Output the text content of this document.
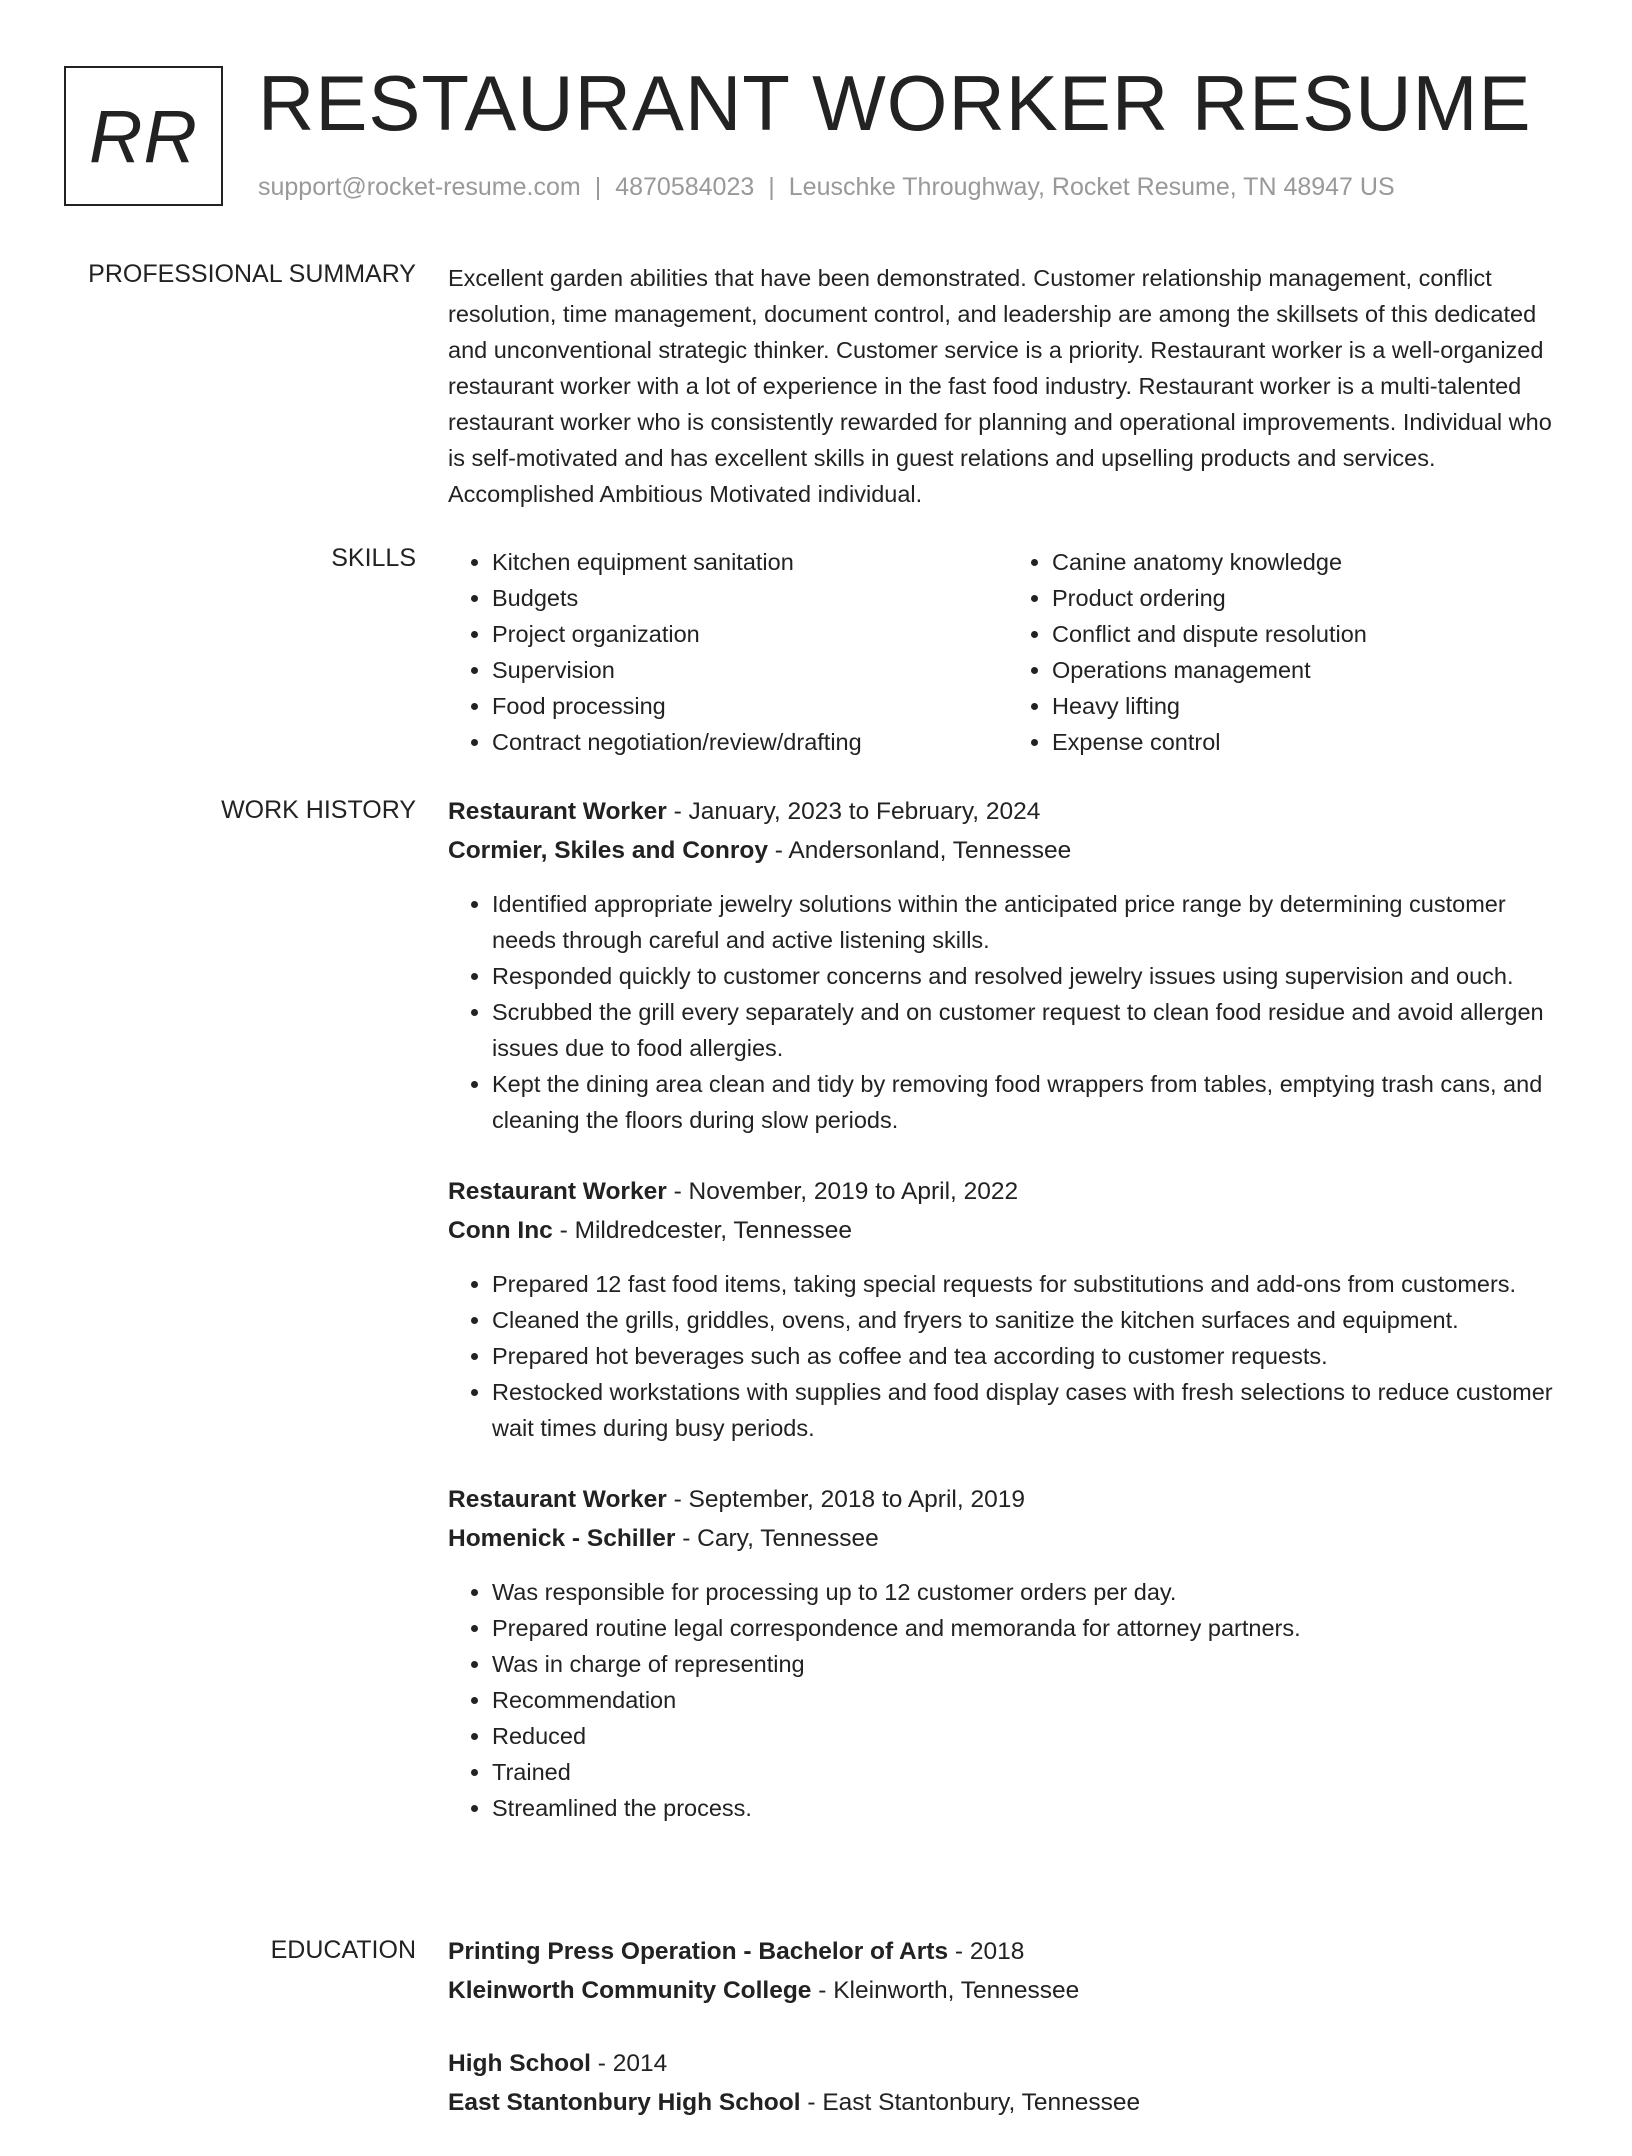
RR RESTAURANT WORKER RESUME
support@rocket-resume.com | 4870584023 | Leuschke Throughway, Rocket Resume, TN 48947 US
PROFESSIONAL SUMMARY Excellent garden abilities that have been demonstrated. Customer relationship management, conflict resolution, time management, document control, and leadership are among the skillsets of this dedicated and unconventional strategic thinker. Customer service is a priority. Restaurant worker is a well-organized restaurant worker with a lot of experience in the fast food industry. Restaurant worker is a multi-talented restaurant worker who is consistently rewarded for planning and operational improvements. Individual who is self-motivated and has excellent skills in guest relations and upselling products and services. Accomplished Ambitious Motivated individual.

SKILLS
•	Kitchen equipment sanitation
• Budgets
• Project organization
• Supervision
• Food processing
• Contract negotiation/review/drafting
• Canine anatomy knowledge
• Product ordering
• Conflict and dispute resolution
• Operations management
• Heavy lifting
• Expense control
WORK HISTORY Restaurant Worker - January, 2023 to February, 2024
Cormier, Skiles and Conroy - Andersonland, Tennessee
• Identified appropriate jewelry solutions within the anticipated price range by determining customer needs through careful and active listening skills.
• Responded quickly to customer concerns and resolved jewelry issues using supervision and ouch.
• Scrubbed the grill every separately and on customer request to clean food residue and avoid allergen issues due to food allergies.
• Kept the dining area clean and tidy by removing food wrappers from tables, emptying trash cans, and cleaning the floors during slow periods.
Restaurant Worker - November, 2019 to April, 2022
Conn Inc - Mildredcester, Tennessee
• Prepared 12 fast food items, taking special requests for substitutions and add-ons from customers.
• Cleaned the grills, griddles, ovens, and fryers to sanitize the kitchen surfaces and equipment.
• Prepared hot beverages such as coffee and tea according to customer requests.
• Restocked workstations with supplies and food display cases with fresh selections to reduce customer wait times during busy periods.
Restaurant Worker - September, 2018 to April, 2019
Homenick - Schiller - Cary, Tennessee
• Was responsible for processing up to 12 customer orders per day.
• Prepared routine legal correspondence and memoranda for attorney partners.
• Was in charge of representing
• Recommendation
• Reduced
• Trained
• Streamlined the process.
EDUCATION Printing Press Operation - Bachelor of Arts - 2018
Kleinworth Community College - Kleinworth, Tennessee
High School - 2014
East Stantonbury High School - East Stantonbury, Tennessee
